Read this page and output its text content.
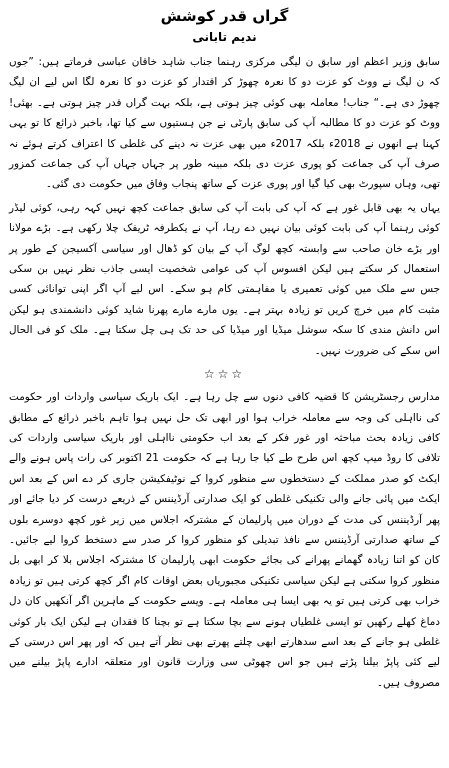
گراں قدر کوشش
ندیم تابانی

سابق وزیر اعظم اور سابق ن لیگی مرکزی رہنما جناب شاہد خاقان عباسی فرماتے ہیں: ”جوں کہ ن لیگ نے ووٹ کو عزت دو کا نعرہ چھوڑ کر اقتدار کو عزت دو کا نعرہ لگا اس لیے ان لیگ چھوڑ دی ہے۔“ جناب! معاملہ بھی کوئی چیز ہوتی ہے، بلکہ بہت گراں قدر چیز ہوتی ہے۔ بھئی! ووٹ کو عزت دو کا مطالبہ آپ کی سابق پارٹی نے جن ہستیوں سے کیا تھا، باخبر ذرائع کا تو یہی کہنا ہے انھوں نے 2018ء بلکہ 2017ء میں بھی عزت نہ دینے کی غلطی کا اعتراف کرتے ہوئے نہ صرف آپ کی جماعت کو پوری عزت دی بلکہ مبینہ طور پر جہاں جہاں آپ کی جماعت کمزور تھی، وہاں سپورٹ بھی کیا گیا اور پوری عزت کے ساتھ پنجاب وفاق میں حکومت دی گئی۔

یہاں یہ بھی قابل غور ہے کہ آپ کی بابت آپ کی سابق جماعت کچھ نہیں کہہ رہی، کوئی لیڈر کوئی رہنما آپ کی بابت کوئی بیان نہیں دے رہا، آپ نے یکطرفہ ٹریفک چلا رکھی ہے۔ بڑے مولانا اور بڑے خان صاحب سے وابستہ کچھ لوگ آپ کے بیان کو ڈھال اور سیاسی آکسیجن کے طور پر استعمال کر سکتے ہیں لیکن افسوس آپ کی عوامی شخصیت ایسی جاذب نظر نہیں بن سکی جس سے ملک میں کوئی تعمیری یا مفاہمتی کام ہو سکے۔ اس لیے آپ اگر اپنی توانائی کسی مثبت کام میں خرچ کریں تو زیادہ بہتر ہے۔ یوں مارے مارے پھرنا شاید کوئی دانشمندی ہو لیکن اس دانش مندی کا سکہ سوشل میڈیا اور میڈیا کی حد تک ہی چل سکتا ہے۔ ملک کو فی الحال اس سکے کی ضرورت نہیں۔

☆☆☆

مدارس رجسٹریشن کا قضیہ کافی دنوں سے چل رہا ہے۔ ایک باریک سیاسی واردات اور حکومت کی نااہلی کی وجہ سے معاملہ خراب ہوا اور ابھی تک حل نہیں ہوا تاہم باخبر ذرائع کے مطابق کافی زیادہ بحث مباحثہ اور غور فکر کے بعد اب حکومتی نااہلی اور باریک سیاسی واردات کی تلافی کا روڈ میپ کچھ اس طرح طے کیا جا رہا ہے کہ حکومت 21 اکتوبر کی رات پاس ہونے والے ایکٹ کو صدر مملکت کے دستخطوں سے منظور کروا کے نوٹیفکیشن جاری کر دے اس کے بعد اس ایکٹ میں پائی جانے والی تکنیکی غلطی کو ایک صدارتی آرڈیننس کے ذریعے درست کر دیا جائے اور پھر آرڈیننس کی مدت کے دوران میں پارلیمان کے مشترکہ اجلاس میں زیر غور کچھ دوسرے بلوں کے ساتھ صدارتی آرڈیننس سے نافذ تبدیلی کو منظور کروا کر صدر سے دستخط کروا لیے جائیں۔ کان کو اتنا زیادہ گھمانے پھرانے کی بجائے حکومت ابھی پارلیمان کا مشترکہ اجلاس بلا کر ابھی بل منظور کروا سکتی ہے لیکن سیاسی تکنیکی مجبوریاں بعض اوقات کام اگر کچھ کرتی ہیں تو زیادہ خراب بھی کرتی ہیں تو یہ بھی ایسا ہی معاملہ ہے۔ ویسے حکومت کے ماہرین اگر آنکھیں کان دل دماغ کھلے رکھیں تو ایسی غلطیاں ہونے سے بچا سکتا ہے تو بچنا کا فقدان ہے لیکن ایک بار کوئی غلطی ہو جانے کے بعد اسے سدھارتے ابھی چلتے پھرتے بھی نظر آتے ہیں کہ اور پھر اس درستی کے لیے کئی پاپڑ بیلنا پڑتے ہیں جو اس چھوٹی سی وزارت قانون اور متعلقہ ادارے پاپڑ بیلنے میں مصروف ہیں۔
